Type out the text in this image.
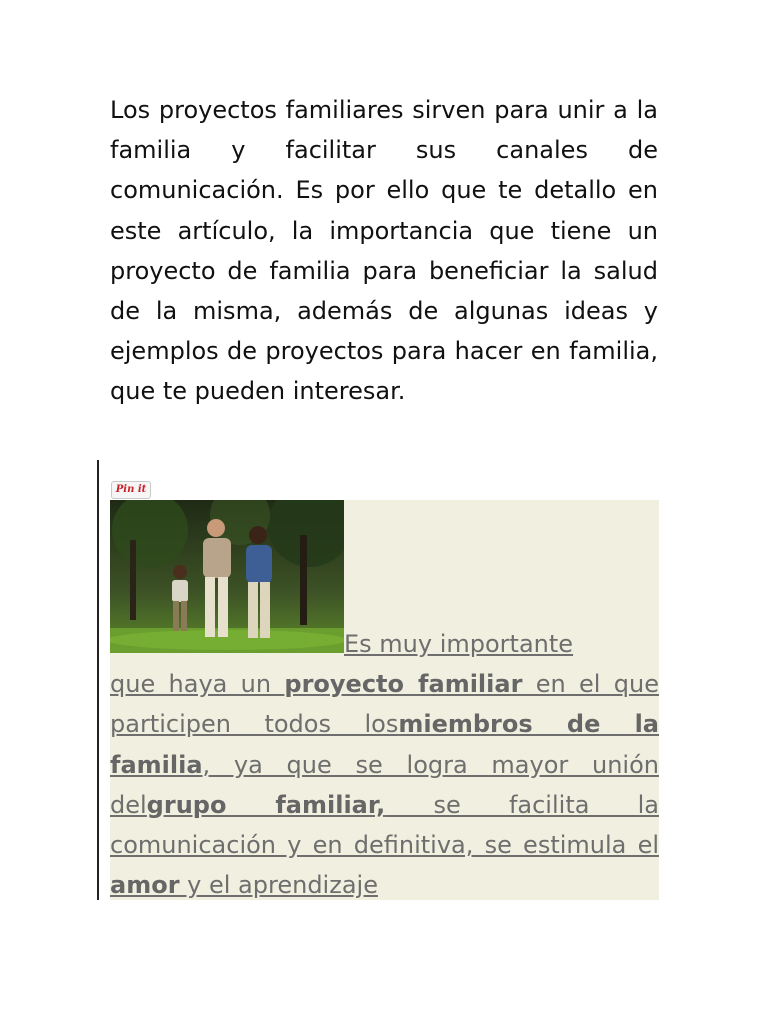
Los proyectos familiares sirven para unir a la familia y facilitar sus canales de comunicación. Es por ello que te detallo en este artículo, la importancia que tiene un proyecto de familia para beneficiar la salud de la misma, además de algunas ideas y ejemplos de proyectos para hacer en familia, que te pueden interesar.

Pin it
Es muy importante
que haya un proyecto familiar en el que participen todos losmiembros de la familia, ya que se logra mayor unión delgrupo familiar, se facilita la comunicación y en definitiva, se estimula el amor y el aprendizaje
